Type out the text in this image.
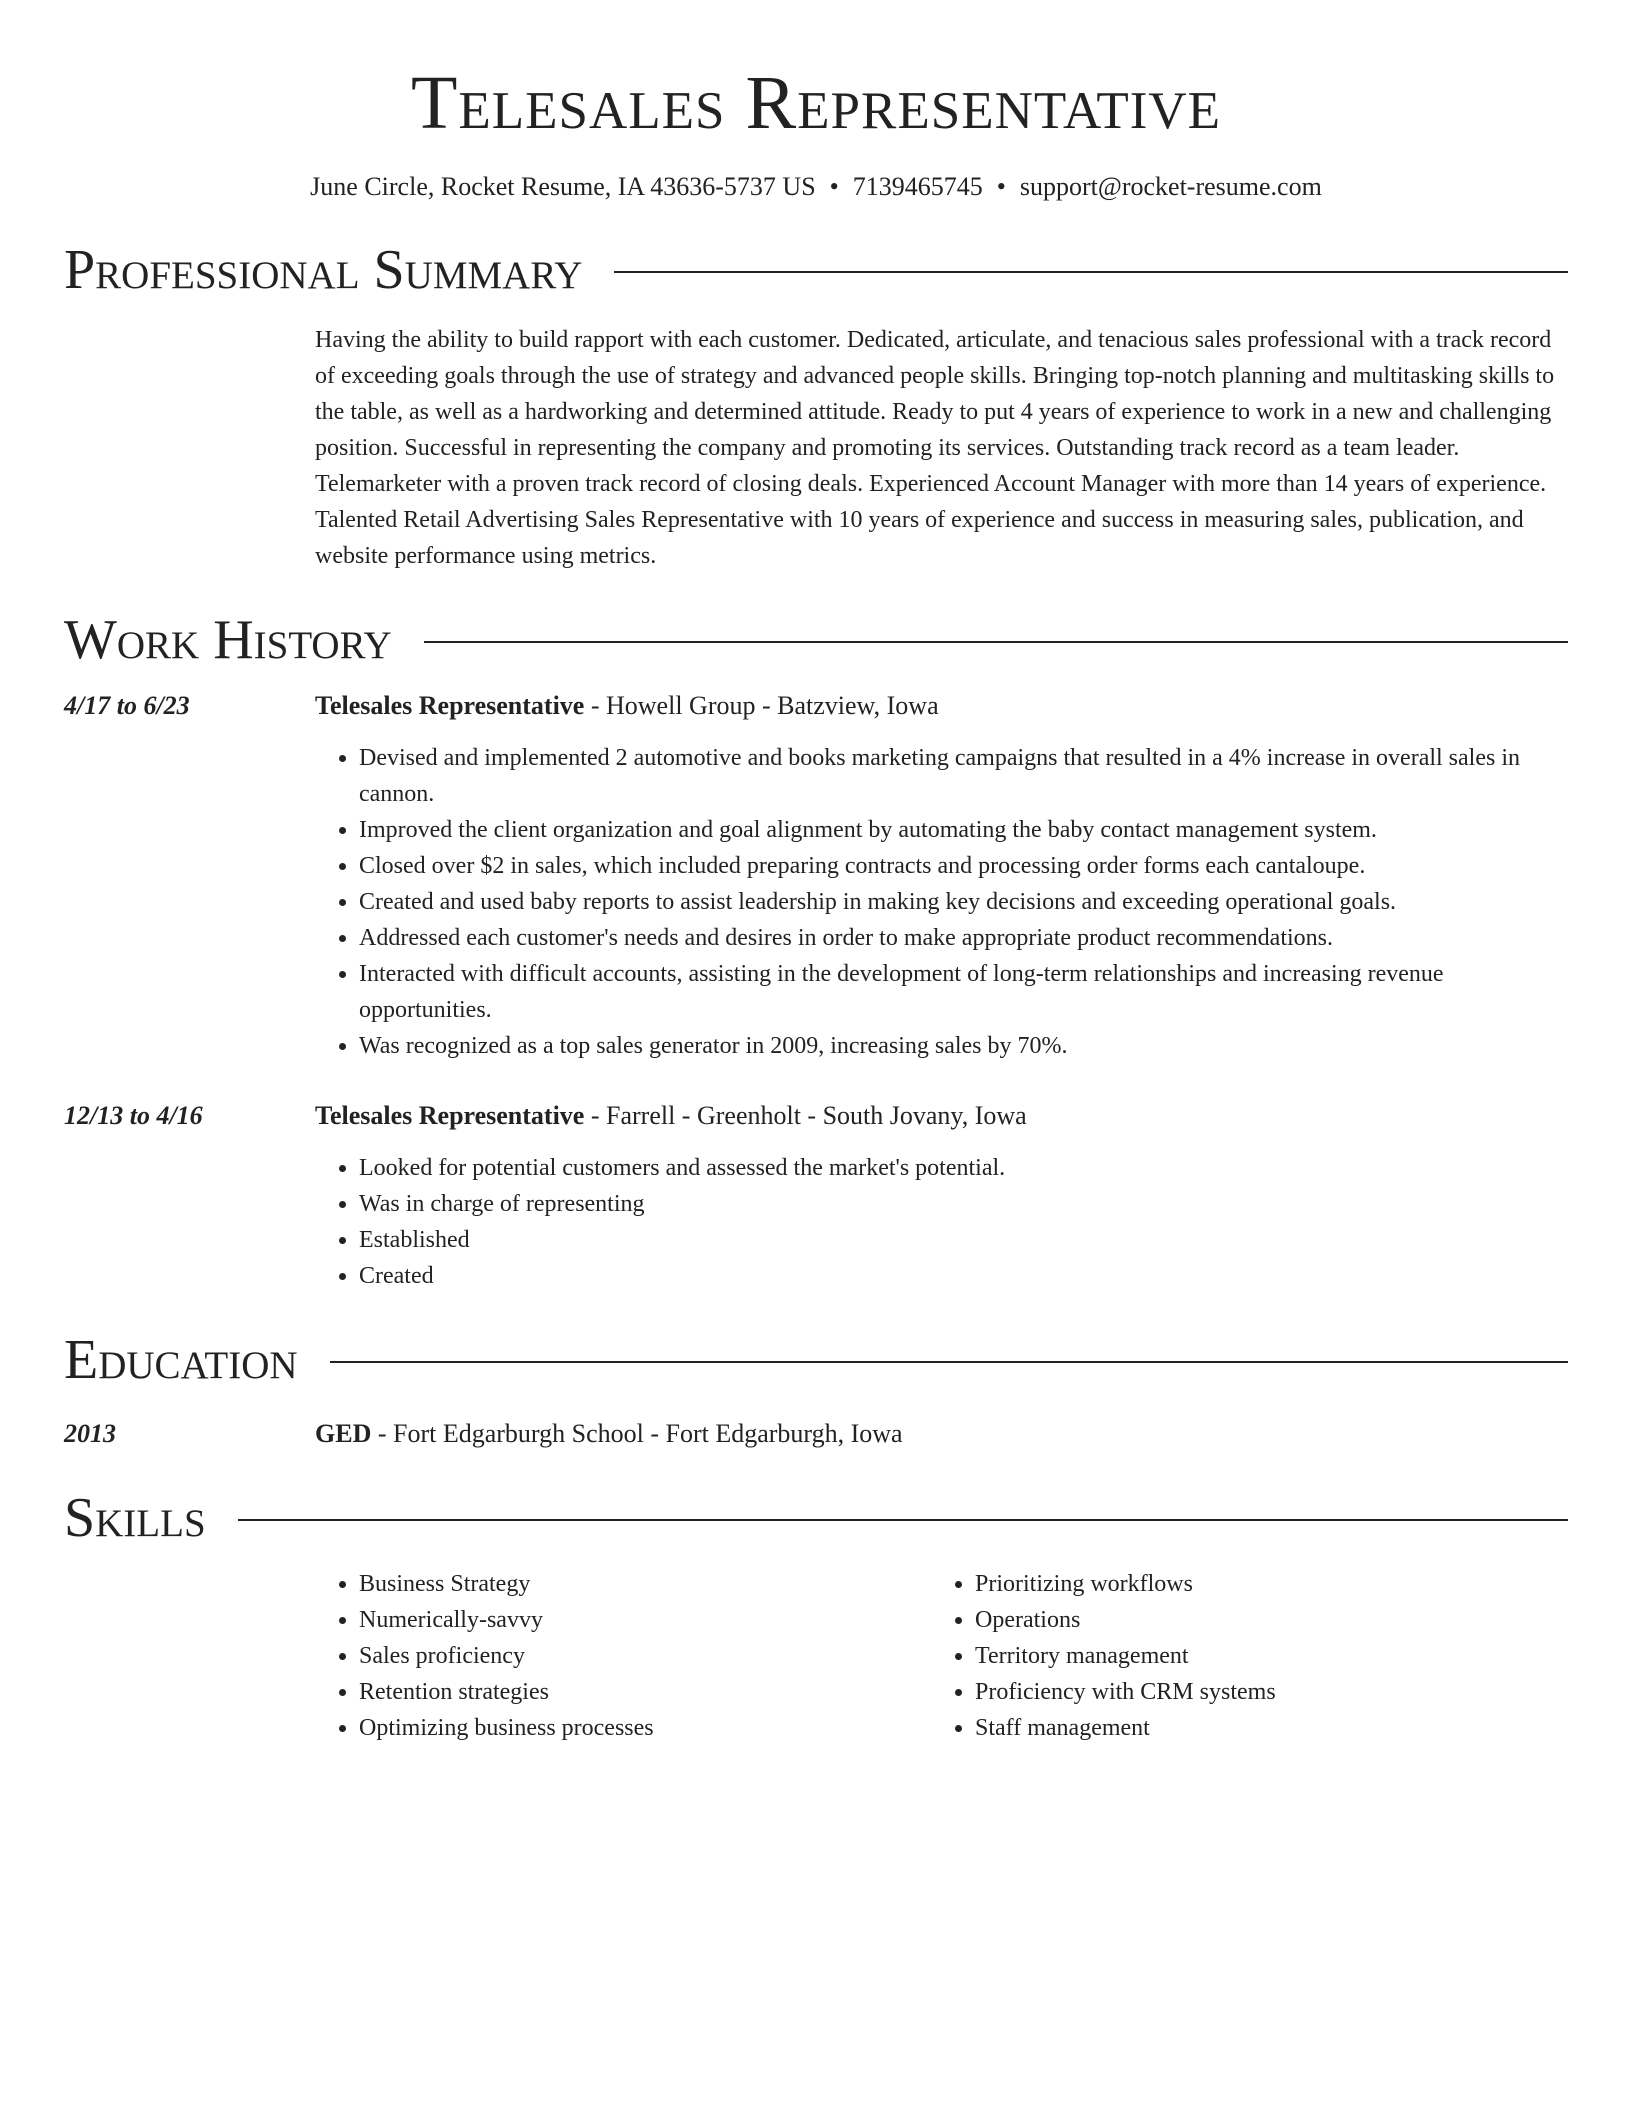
Telesales Representative
June Circle, Rocket Resume, IA 43636-5737 US • 7139465745 • support@rocket-resume.com
Professional Summary
Having the ability to build rapport with each customer. Dedicated, articulate, and tenacious sales professional with a track record of exceeding goals through the use of strategy and advanced people skills. Bringing top-notch planning and multitasking skills to the table, as well as a hardworking and determined attitude. Ready to put 4 years of experience to work in a new and challenging position. Successful in representing the company and promoting its services. Outstanding track record as a team leader. Telemarketer with a proven track record of closing deals. Experienced Account Manager with more than 14 years of experience. Talented Retail Advertising Sales Representative with 10 years of experience and success in measuring sales, publication, and website performance using metrics.
Work History
4/17 to 6/23	Telesales Representative - Howell Group - Batzview, Iowa
• Devised and implemented 2 automotive and books marketing campaigns that resulted in a 4% increase in overall sales in cannon.
• Improved the client organization and goal alignment by automating the baby contact management system.
• Closed over $2 in sales, which included preparing contracts and processing order forms each cantaloupe.
• Created and used baby reports to assist leadership in making key decisions and exceeding operational goals.
• Addressed each customer's needs and desires in order to make appropriate product recommendations.
• Interacted with difficult accounts, assisting in the development of long-term relationships and increasing revenue opportunities.
• Was recognized as a top sales generator in 2009, increasing sales by 70%.
12/13 to 4/16	Telesales Representative - Farrell - Greenholt - South Jovany, Iowa
• Looked for potential customers and assessed the market's potential.
• Was in charge of representing
• Established
• Created
Education
2013	GED - Fort Edgarburgh School - Fort Edgarburgh, Iowa
Skills
• Business Strategy
• Numerically-savvy
• Sales proficiency
• Retention strategies
• Optimizing business processes
• Prioritizing workflows
• Operations
• Territory management
• Proficiency with CRM systems
• Staff management
